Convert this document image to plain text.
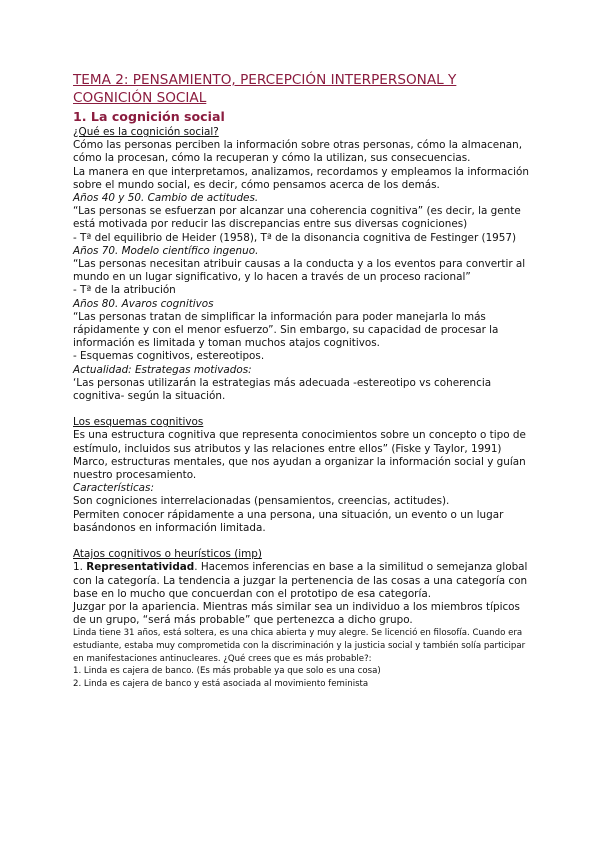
TEMA 2: PENSAMIENTO, PERCEPCIÓN INTERPERSONAL Y
COGNICIÓN SOCIAL

1. La cognición social

¿Qué es la cognición social?

Cómo las personas perciben la información sobre otras personas, cómo la almacenan, cómo la procesan, cómo la recuperan y cómo la utilizan, sus consecuencias.

La manera en que interpretamos, analizamos, recordamos y empleamos la información sobre el mundo social, es decir, cómo pensamos acerca de los demás.

Años 40 y 50. Cambio de actitudes.

“Las personas se esfuerzan por alcanzar una coherencia cognitiva” (es decir, la gente está motivada por reducir las discrepancias entre sus diversas cogniciones)

- Tª del equilibrio de Heider (1958), Tª de la disonancia cognitiva de Festinger (1957)

Años 70. Modelo científico ingenuo.

“Las personas necesitan atribuir causas a la conducta y a los eventos para convertir al mundo en un lugar significativo, y lo hacen a través de un proceso racional”

- Tª de la atribución

Años 80. Avaros cognitivos

“Las personas tratan de simplificar la información para poder manejarla lo más rápidamente y con el menor esfuerzo”. Sin embargo, su capacidad de procesar la información es limitada y toman muchos atajos cognitivos.

- Esquemas cognitivos, estereotipos.

Actualidad: Estrategas motivados:

‘Las personas utilizarán la estrategias más adecuada -estereotipo vs coherencia cognitiva- según la situación.

Los esquemas cognitivos

Es una estructura cognitiva que representa conocimientos sobre un concepto o tipo de estímulo, incluidos sus atributos y las relaciones entre ellos” (Fiske y Taylor, 1991)

Marco, estructuras mentales, que nos ayudan a organizar la información social y guían nuestro procesamiento.

Características:

Son cogniciones interrelacionadas (pensamientos, creencias, actitudes).

Permiten conocer rápidamente a una persona, una situación, un evento o un lugar basándonos en información limitada.

Atajos cognitivos o heurísticos (imp)

1. Representatividad. Hacemos inferencias en base a la similitud o semejanza global con la categoría. La tendencia a juzgar la pertenencia de las cosas a una categoría con base en lo mucho que concuerdan con el prototipo de esa categoría.

Juzgar por la apariencia. Mientras más similar sea un individuo a los miembros típicos de un grupo, “será más probable” que pertenezca a dicho grupo.

Linda tiene 31 años, está soltera, es una chica abierta y muy alegre. Se licenció en filosofía. Cuando era estudiante, estaba muy comprometida con la discriminación y la justicia social y también solía participar en manifestaciones antinucleares. ¿Qué crees que es más probable?:

1. Linda es cajera de banco. (Es más probable ya que solo es una cosa)

2. Linda es cajera de banco y está asociada al movimiento feminista
